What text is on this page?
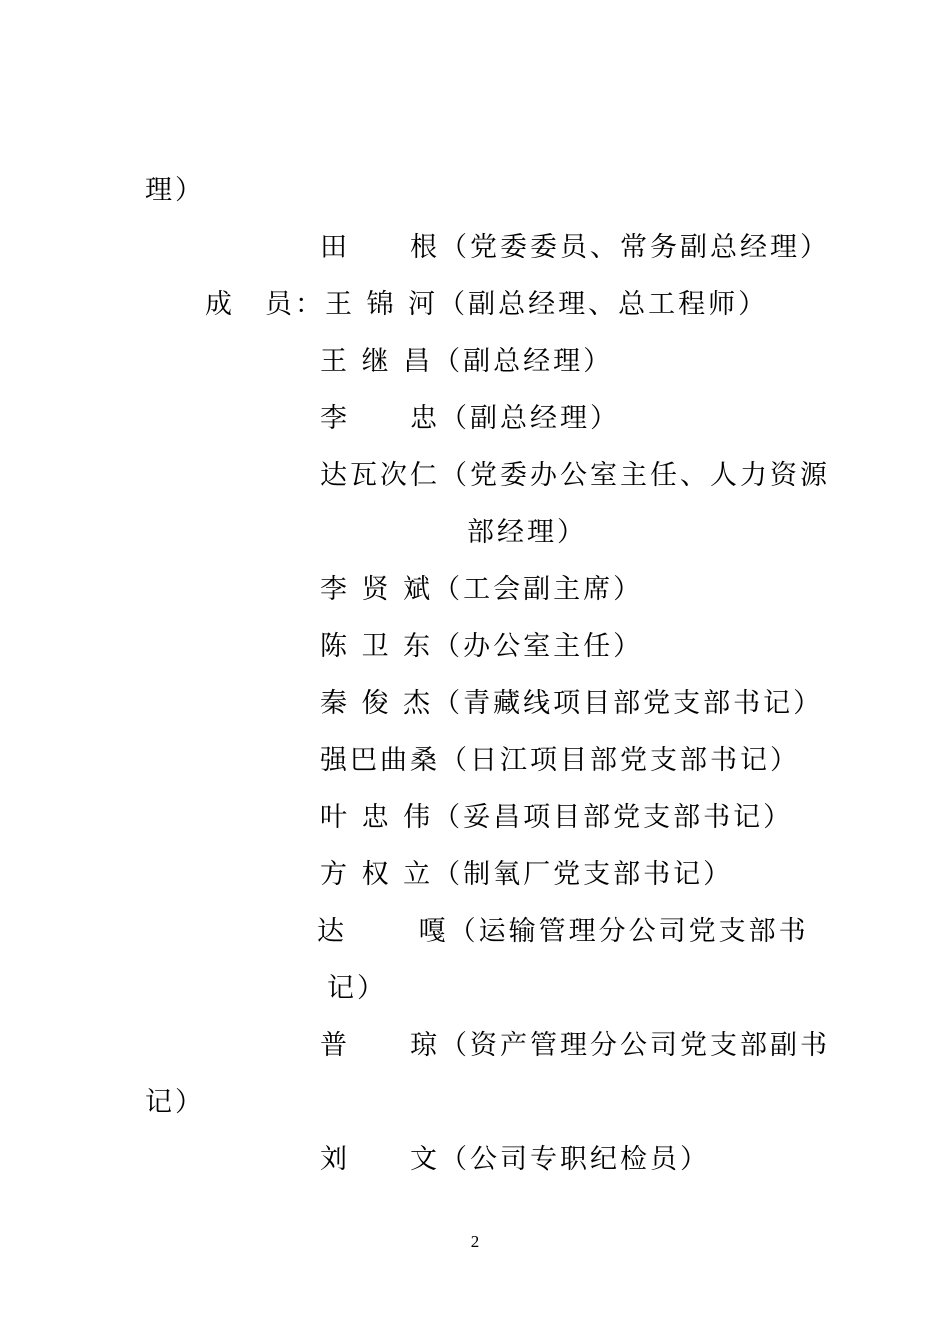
理）
田　　根（党委委员、常务副总经理）
成　员：王 锦 河（副总经理、总工程师）
王 继 昌（副总经理）
李　　忠（副总经理）
达瓦次仁（党委办公室主任、人力资源
部经理）
李 贤 斌（工会副主席）
陈 卫 东（办公室主任）
秦 俊 杰（青藏线项目部党支部书记）
强巴曲桑（日江项目部党支部书记）
叶 忠 伟（妥昌项目部党支部书记）
方 权 立（制氧厂党支部书记）
达　　 嘎（运输管理分公司党支部书
记）
普　　琼（资产管理分公司党支部副书
记）
刘　　文（公司专职纪检员）
2
